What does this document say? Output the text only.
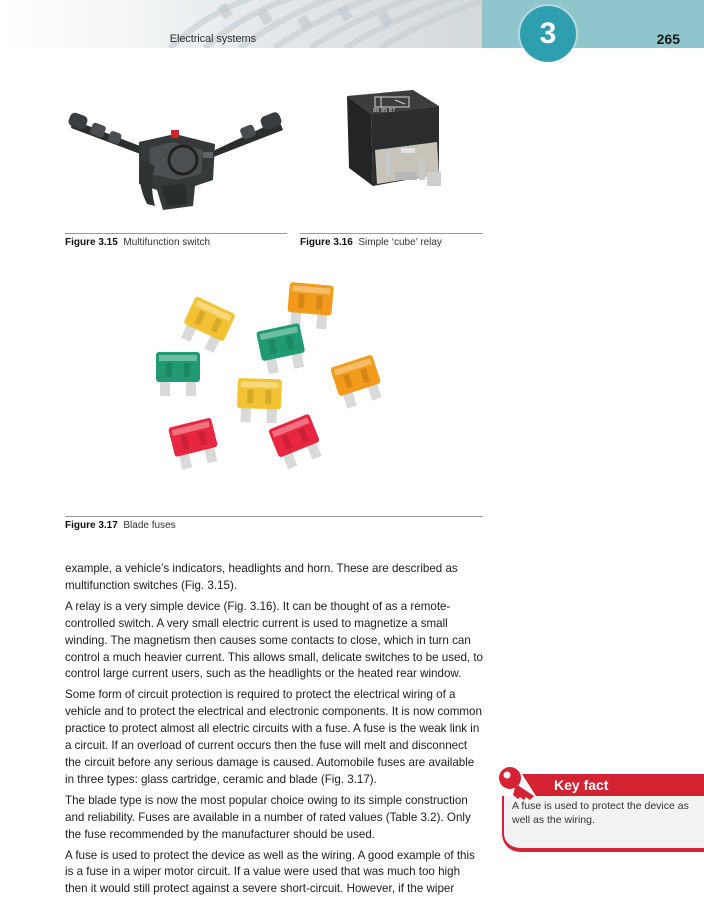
Electrical systems	3	265
Figure 3.15 Multifunction switch
86 85 87
Figure 3.16 Simple ‘cube’ relay
Figure 3.17 Blade fuses

example, a vehicle’s indicators, headlights and horn. These are described as multifunction switches (Fig. 3.15).

A relay is a very simple device (Fig. 3.16). It can be thought of as a remote-controlled switch. A very small electric current is used to magnetize a small winding. The magnetism then causes some contacts to close, which in turn can control a much heavier current. This allows small, delicate switches to be used, to control large current users, such as the headlights or the heated rear window.

Some form of circuit protection is required to protect the electrical wiring of a vehicle and to protect the electrical and electronic components. It is now common practice to protect almost all electric circuits with a fuse. A fuse is the weak link in a circuit. If an overload of current occurs then the fuse will melt and disconnect the circuit before any serious damage is caused. Automobile fuses are available in three types: glass cartridge, ceramic and blade (Fig. 3.17).

The blade type is now the most popular choice owing to its simple construction and reliability. Fuses are available in a number of rated values (Table 3.2). Only the fuse recommended by the manufacturer should be used.

A fuse is used to protect the device as well as the wiring. A good example of this is a fuse in a wiper motor circuit. If a value were used that was much too high then it would still protect against a severe short-circuit. However, if the wiper

A fuse is used to protect the device as well as the wiring.
Key fact
